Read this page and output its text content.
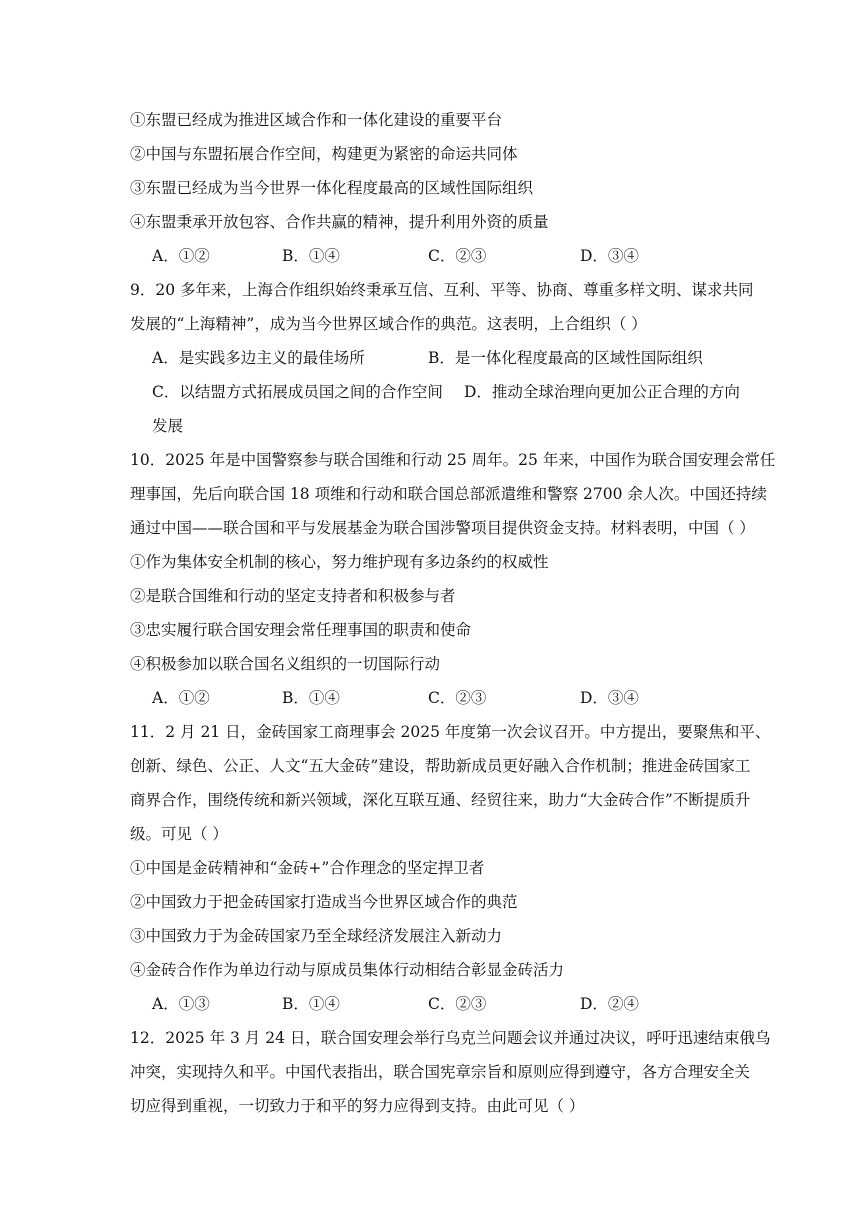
①东盟已经成为推进区域合作和一体化建设的重要平台
②中国与东盟拓展合作空间，构建更为紧密的命运共同体
③东盟已经成为当今世界一体化程度最高的区域性国际组织
④东盟秉承开放包容、合作共赢的精神，提升利用外资的质量
A．①②	B．①④	C．②③	D．③④
9．20 多年来，上海合作组织始终秉承互信、互利、平等、协商、尊重多样文明、谋求共同
发展的“上海精神”，成为当今世界区域合作的典范。这表明，上合组织（ ）
A．是实践多边主义的最佳场所	B．是一体化程度最高的区域性国际组织
C．以结盟方式拓展成员国之间的合作空间 D．推动全球治理向更加公正合理的方向
发展
10．2025 年是中国警察参与联合国维和行动 25 周年。25 年来，中国作为联合国安理会常任
理事国，先后向联合国 18 项维和行动和联合国总部派遣维和警察 2700 余人次。中国还持续
通过中国——联合国和平与发展基金为联合国涉警项目提供资金支持。材料表明，中国（ ）
①作为集体安全机制的核心，努力维护现有多边条约的权威性
②是联合国维和行动的坚定支持者和积极参与者
③忠实履行联合国安理会常任理事国的职责和使命
④积极参加以联合国名义组织的一切国际行动
A．①②	B．①④	C．②③	D．③④
11．2 月 21 日，金砖国家工商理事会 2025 年度第一次会议召开。中方提出，要聚焦和平、
创新、绿色、公正、人文“五大金砖”建设，帮助新成员更好融入合作机制；推进金砖国家工
商界合作，围绕传统和新兴领域，深化互联互通、经贸往来，助力“大金砖合作”不断提质升
级。可见（ ）
①中国是金砖精神和“金砖+”合作理念的坚定捍卫者
②中国致力于把金砖国家打造成当今世界区域合作的典范
③中国致力于为金砖国家乃至全球经济发展注入新动力
④金砖合作作为单边行动与原成员集体行动相结合彰显金砖活力
A．①③	B．①④	C．②③	D．②④
12．2025 年 3 月 24 日，联合国安理会举行乌克兰问题会议并通过决议，呼吁迅速结束俄乌
冲突，实现持久和平。中国代表指出，联合国宪章宗旨和原则应得到遵守，各方合理安全关
切应得到重视，一切致力于和平的努力应得到支持。由此可见（ ）
